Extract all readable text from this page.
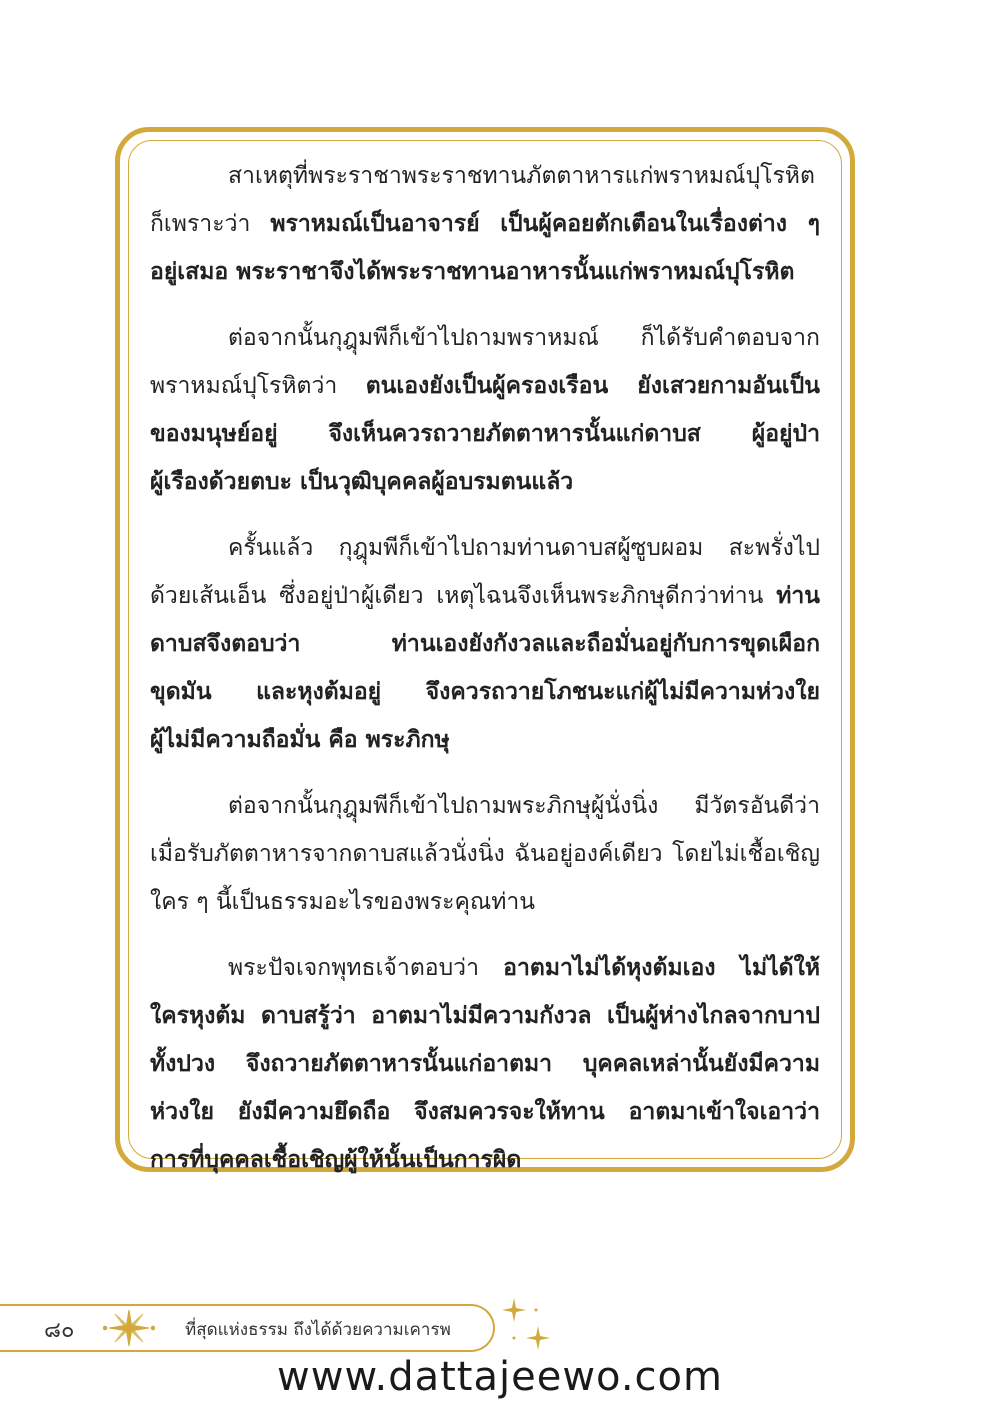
สาเหตุที่พระราชาพระราชทานภัตตาหารแก่พราหมณ์ปุโรหิต
ก็เพราะว่า พราหมณ์เป็นอาจารย์ เป็นผู้คอยตักเตือนในเรื่องต่าง ๆ
อยู่เสมอ พระราชาจึงได้พระราชทานอาหารนั้นแก่พราหมณ์ปุโรหิต
ต่อจากนั้นกุฎุมพีก็เข้าไปถามพราหมณ์ ก็ได้รับคำตอบจาก
พราหมณ์ปุโรหิตว่า ตนเองยังเป็นผู้ครองเรือน ยังเสวยกามอันเป็น
ของมนุษย์อยู่ จึงเห็นควรถวายภัตตาหารนั้นแก่ดาบส ผู้อยู่ป่า
ผู้เรืองด้วยตบะ เป็นวุฒิบุคคลผู้อบรมตนแล้ว
ครั้นแล้ว กุฎุมพีก็เข้าไปถามท่านดาบสผู้ซูบผอม สะพรั่งไป
ด้วยเส้นเอ็น ซึ่งอยู่ป่าผู้เดียว เหตุไฉนจึงเห็นพระภิกษุดีกว่าท่าน ท่าน
ดาบสจึงตอบว่า ท่านเองยังกังวลและถือมั่นอยู่กับการขุดเผือก
ขุดมัน และหุงต้มอยู่ จึงควรถวายโภชนะแก่ผู้ไม่มีความห่วงใย
ผู้ไม่มีความถือมั่น คือ พระภิกษุ
ต่อจากนั้นกุฎุมพีก็เข้าไปถามพระภิกษุผู้นั่งนิ่ง มีวัตรอันดีว่า
เมื่อรับภัตตาหารจากดาบสแล้วนั่งนิ่ง ฉันอยู่องค์เดียว โดยไม่เชื้อเชิญ
ใคร ๆ นี้เป็นธรรมอะไรของพระคุณท่าน
พระปัจเจกพุทธเจ้าตอบว่า อาตมาไม่ได้หุงต้มเอง ไม่ได้ให้
ใครหุงต้ม ดาบสรู้ว่า อาตมาไม่มีความกังวล เป็นผู้ห่างไกลจากบาป
ทั้งปวง จึงถวายภัตตาหารนั้นแก่อาตมา บุคคลเหล่านั้นยังมีความ
ห่วงใย ยังมีความยึดถือ จึงสมควรจะให้ทาน อาตมาเข้าใจเอาว่า
การที่บุคคลเชื้อเชิญผู้ให้นั้นเป็นการผิด
๘๐	ที่สุดแห่งธรรม ถึงได้ด้วยความเคารพ
www.dattajeewo.com
